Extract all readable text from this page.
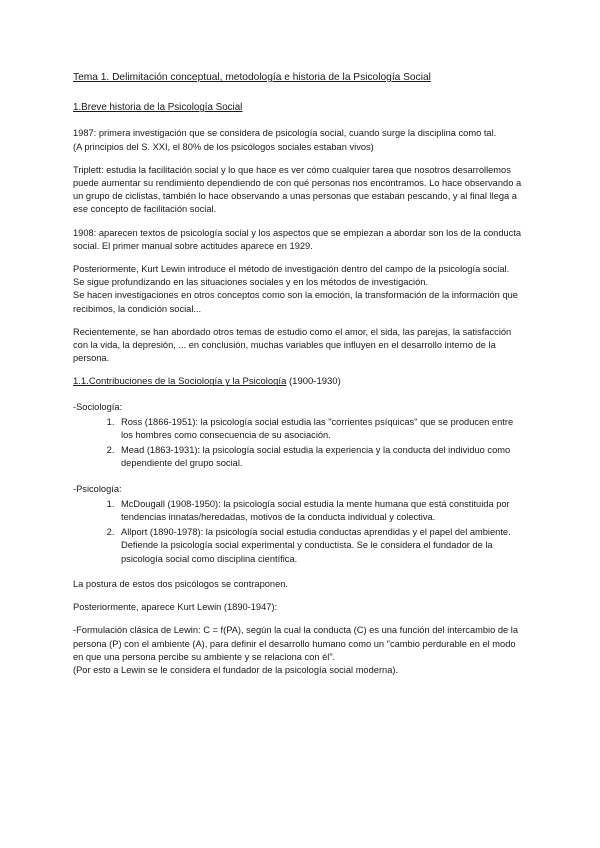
Tema 1. Delimitación conceptual, metodología e historia de la Psicología Social
1.Breve historia de la Psicología Social
1987: primera investigación que se considera de psicología social, cuando surge la disciplina como tal.
(A principios del S. XXI, el 80% de los psicólogos sociales estaban vivos)

Triplett: estudia la facilitación social y lo que hace es ver cómo cualquier tarea que nosotros desarrollemos puede aumentar su rendimiento dependiendo de con qué personas nos encontramos. Lo hace observando a un grupo de ciclistas, también lo hace observando a unas personas que estaban pescando, y al final llega a ese concepto de facilitación social.

1908: aparecen textos de psicología social y los aspectos que se empiezan a abordar son los de la conducta social. El primer manual sobre actitudes aparece en 1929.

Posteriormente, Kurt Lewin introduce el método de investigación dentro del campo de la psicología social.
Se sigue profundizando en las situaciones sociales y en los métodos de investigación.
Se hacen investigaciones en otros conceptos como son la emoción, la transformación de la información que recibimos, la condición social...

Recientemente, se han abordado otros temas de estudio como el amor, el sida, las parejas, la satisfacción con la vida, la depresión, ... en conclusión, muchas variables que influyen en el desarrollo interno de la persona.

1.1.Contribuciones de la Sociología y la Psicología (1900-1930)
-Sociología:
1. Ross (1866-1951): la psicología social estudia las "corrientes psíquicas" que se producen entre los hombres como consecuencia de su asociación.
2. Mead (1863-1931): la psicología social estudia la experiencia y la conducta del individuo como dependiente del grupo social.
-Psicología:
1. McDougall (1908-1950): la psicología social estudia la mente humana que está constituida por tendencias innatas/heredadas, motivos de la conducta individual y colectiva.
2. Allport (1890-1978): la psicología social estudia conductas aprendidas y el papel del ambiente. Defiende la psicología social experimental y conductista. Se le considera el fundador de la psicología social como disciplina científica.

La postura de estos dos psicólogos se contraponen.

Posteriormente, aparece Kurt Lewin (1890-1947):

-Formulación clásica de Lewin: C = f(PA), según la cual la conducta (C) es una función del intercambio de la persona (P) con el ambiente (A), para definir el desarrollo humano como un "cambio perdurable en el modo en que una persona percibe su ambiente y se relaciona con él".
(Por esto a Lewin se le considera el fundador de la psicología social moderna).
